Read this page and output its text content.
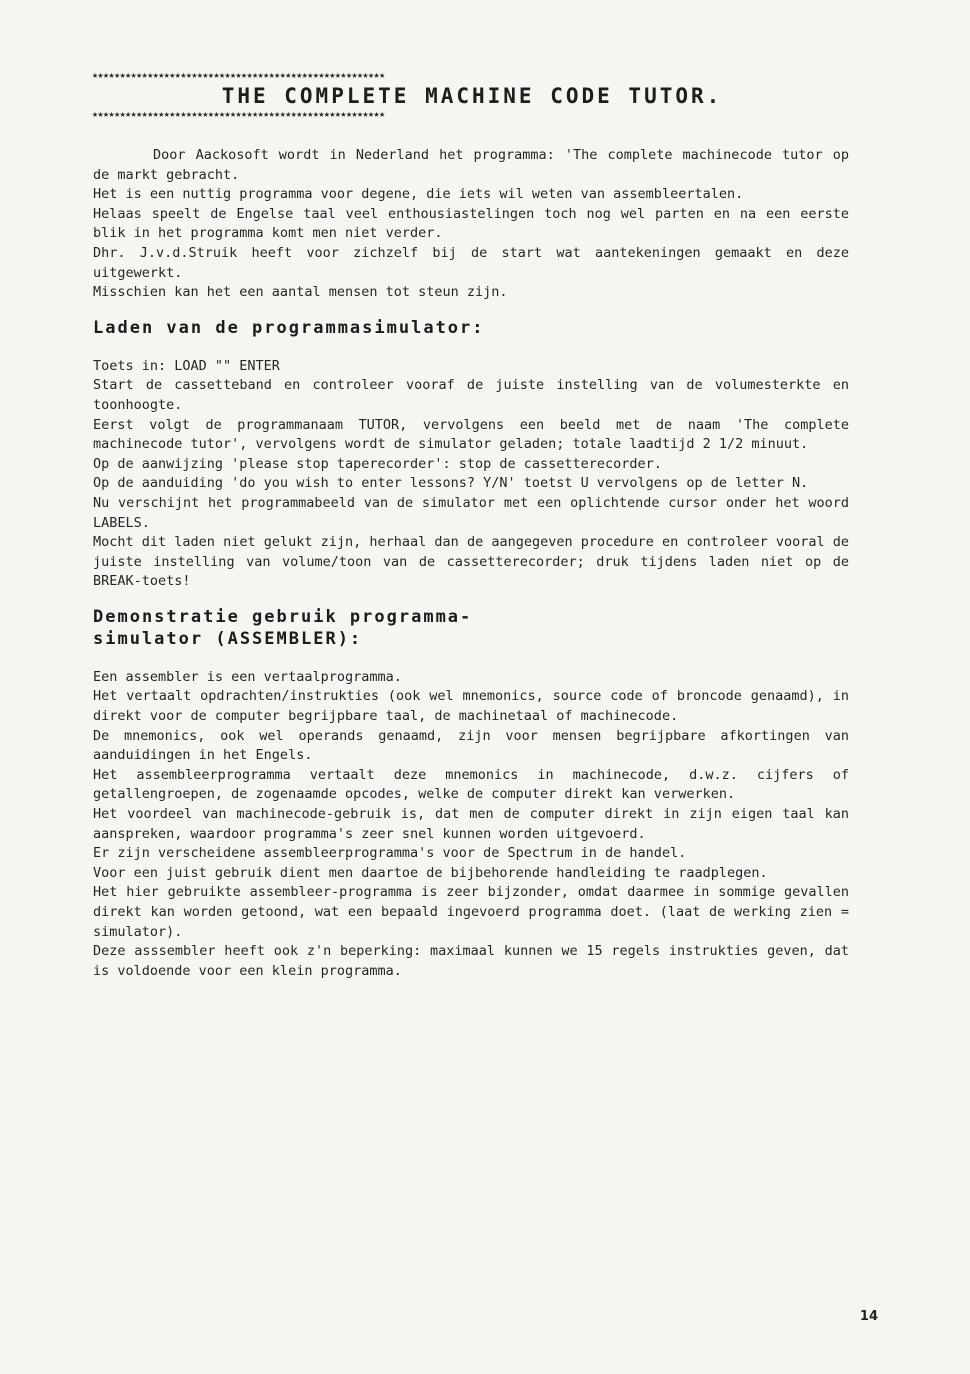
★★★★★★★★★★★★★★★★★★★★★★★★★★★★★★★★★★★★★★★★★★★★★★★★★★★★★
THE COMPLETE MACHINE CODE TUTOR.
★★★★★★★★★★★★★★★★★★★★★★★★★★★★★★★★★★★★★★★★★★★★★★★★★★★★★

Door Aackosoft wordt in Nederland het programma: 'The complete machinecode tutor op de markt gebracht.

Het is een nuttig programma voor degene, die iets wil weten van assembleertalen.

Helaas speelt de Engelse taal veel enthousiastelingen toch nog wel parten en na een eerste blik in het programma komt men niet verder.

Dhr. J.v.d.Struik heeft voor zichzelf bij de start wat aantekeningen gemaakt en deze uitgewerkt.

Misschien kan het een aantal mensen tot steun zijn.

Laden van de programmasimulator:

Toets in: LOAD "" ENTER

Start de cassetteband en controleer vooraf de juiste instelling van de volumesterkte en toonhoogte.

Eerst volgt de programmanaam TUTOR, vervolgens een beeld met de naam 'The complete machinecode tutor', vervolgens wordt de simulator geladen; totale laadtijd 2 1/2 minuut.

Op de aanwijzing 'please stop taperecorder': stop de cassetterecorder.

Op de aanduiding 'do you wish to enter lessons? Y/N' toetst U vervolgens op de letter N.

Nu verschijnt het programmabeeld van de simulator met een oplichtende cursor onder het woord LABELS.

Mocht dit laden niet gelukt zijn, herhaal dan de aangegeven procedure en controleer vooral de juiste instelling van volume/toon van de cassetterecorder; druk tijdens laden niet op de BREAK-toets!

Demonstratie gebruik programma-
simulator (ASSEMBLER):

Een assembler is een vertaalprogramma.

Het vertaalt opdrachten/instrukties (ook wel mnemonics, source code of broncode genaamd), in direkt voor de computer begrijpbare taal, de machinetaal of machinecode.

De mnemonics, ook wel operands genaamd, zijn voor mensen begrijpbare afkortingen van aanduidingen in het Engels.

Het assembleerprogramma vertaalt deze mnemonics in machinecode, d.w.z. cijfers of getallengroepen, de zogenaamde opcodes, welke de computer direkt kan verwerken.

Het voordeel van machinecode-gebruik is, dat men de computer direkt in zijn eigen taal kan aanspreken, waardoor programma's zeer snel kunnen worden uitgevoerd.

Er zijn verscheidene assembleerprogramma's voor de Spectrum in de handel.

Voor een juist gebruik dient men daartoe de bijbehorende handleiding te raadplegen.

Het hier gebruikte assembleer-programma is zeer bijzonder, omdat daarmee in sommige gevallen direkt kan worden getoond, wat een bepaald ingevoerd programma doet. (laat de werking zien = simulator).

Deze asssembler heeft ook z'n beperking: maximaal kunnen we 15 regels instrukties geven, dat is voldoende voor een klein programma.

14
